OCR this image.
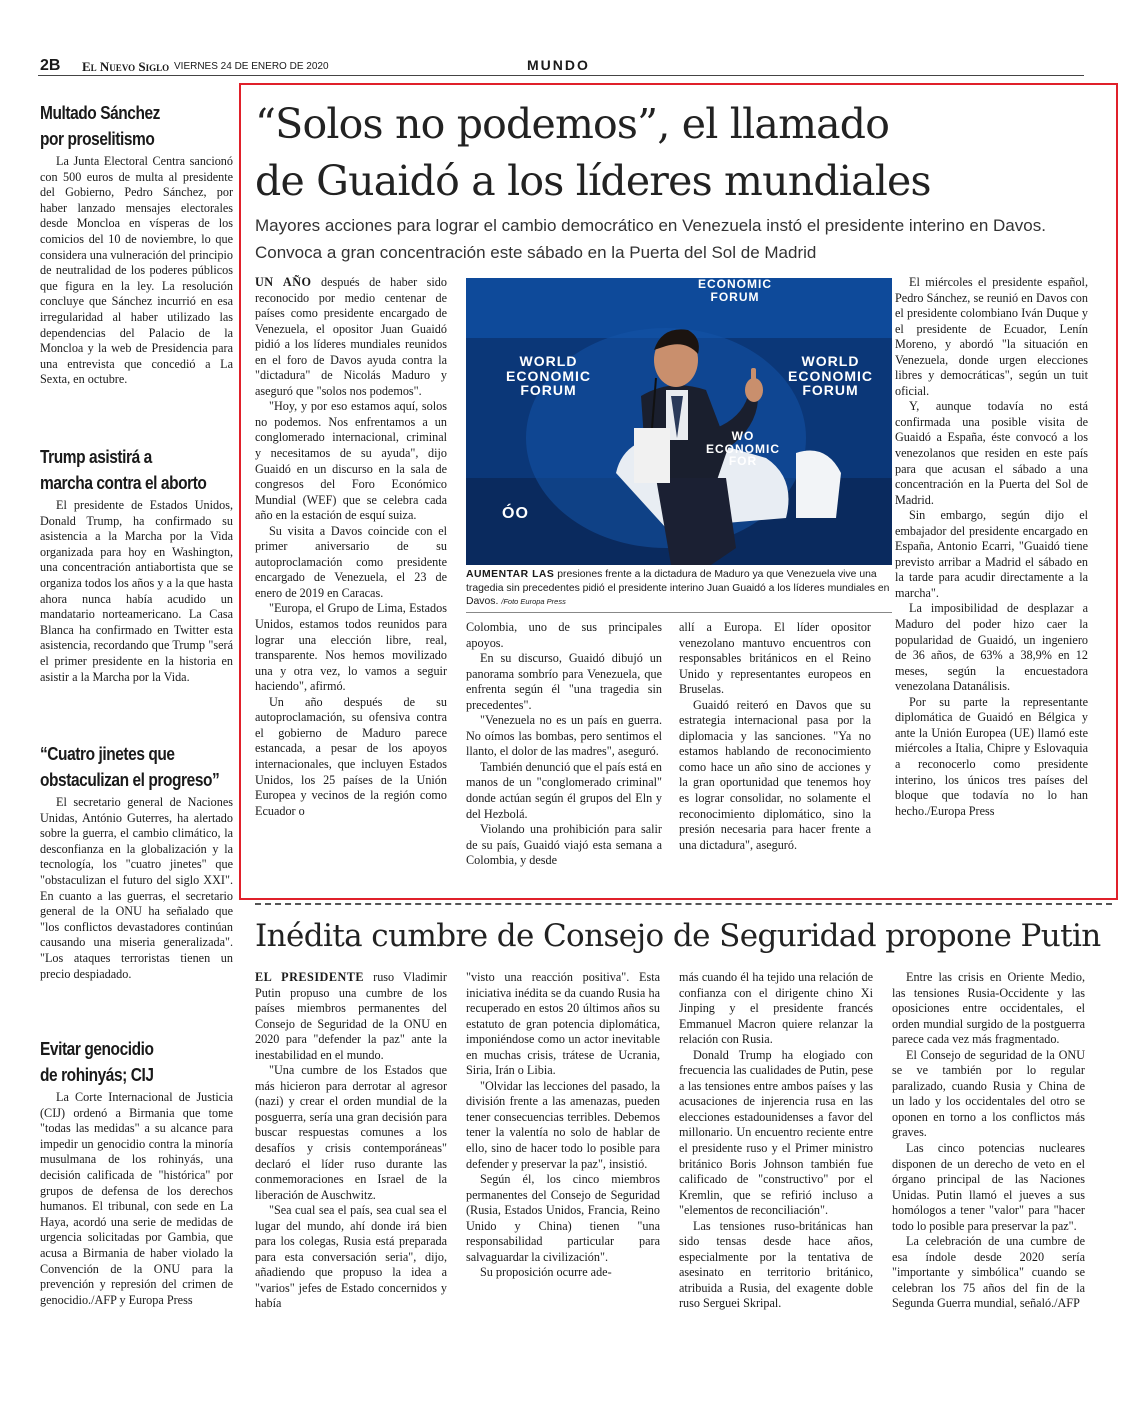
2B El Nuevo Siglo VIERNES 24 DE ENERO DE 2020	MUNDO
Multado Sánchez
por proselitismo

La Junta Electoral Centra sancionó con 500 euros de multa al presidente del Gobierno, Pedro Sánchez, por haber lanzado mensajes electorales desde Moncloa en vísperas de los comicios del 10 de noviembre, lo que considera una vulneración del principio de neutralidad de los poderes públicos que figura en la ley. La resolución concluye que Sánchez incurrió en esa irregularidad al haber utilizado las dependencias del Palacio de la Moncloa y la web de Presidencia para una entrevista que concedió a La Sexta, en octubre.

Trump asistirá a
marcha contra el aborto

El presidente de Estados Unidos, Donald Trump, ha confirmado su asistencia a la Marcha por la Vida organizada para hoy en Washington, una concentración antiabortista que se organiza todos los años y a la que hasta ahora nunca había acudido un mandatario norteamericano. La Casa Blanca ha confirmado en Twitter esta asistencia, recordando que Trump "será el primer presidente en la historia en asistir a la Marcha por la Vida.

“Cuatro jinetes que
obstaculizan el progreso”

El secretario general de Naciones Unidas, António Guterres, ha alertado sobre la guerra, el cambio climático, la desconfianza en la globalización y la tecnología, los "cuatro jinetes" que "obstaculizan el futuro del siglo XXI". En cuanto a las guerras, el secretario general de la ONU ha señalado que "los conflictos devastadores continúan causando una miseria generalizada". "Los ataques terroristas tienen un precio despiadado.

Evitar genocidio
de rohinyás; CIJ

La Corte Internacional de Justicia (CIJ) ordenó a Birmania que tome "todas las medidas" a su alcance para impedir un genocidio contra la minoría musulmana de los rohinyás, una decisión calificada de "histórica" por grupos de defensa de los derechos humanos. El tribunal, con sede en La Haya, acordó una serie de medidas de urgencia solicitadas por Gambia, que acusa a Birmania de haber violado la Convención de la ONU para la prevención y represión del crimen de genocidio./AFP y Europa Press

“Solos no podemos”, el llamado
de Guaidó a los líderes mundiales

Mayores acciones para lograr el cambio democrático en Venezuela instó el presidente interino en Davos. Convoca a gran concentración este sábado en la Puerta del Sol de Madrid

UN AÑO después de haber sido reconocido por medio centenar de países como presidente encargado de Venezuela, el opositor Juan Guaidó pidió a los líderes mundiales reunidos en el foro de Davos ayuda contra la "dictadura" de Nicolás Maduro y aseguró que "solos nos podemos".

"Hoy, y por eso estamos aquí, solos no podemos. Nos enfrentamos a un conglomerado internacional, criminal y necesitamos de su ayuda", dijo Guaidó en un discurso en la sala de congresos del Foro Económico Mundial (WEF) que se celebra cada año en la estación de esquí suiza.

Su visita a Davos coincide con el primer aniversario de su autoproclamación como presidente encargado de Venezuela, el 23 de enero de 2019 en Caracas.

"Europa, el Grupo de Lima, Estados Unidos, estamos todos reunidos para lograr una elección libre, real, transparente. Nos hemos movilizado una y otra vez, lo vamos a seguir haciendo", afirmó.

Un año después de su autoproclamación, su ofensiva contra el gobierno de Maduro parece estancada, a pesar de los apoyos internacionales, que incluyen Estados Unidos, los 25 países de la Unión Europea y vecinos de la región como Ecuador o

ECONOMIC
FORUM
WORLD
ECONOMIC
FORUM
WORLD
ECONOMIC
FORUM
WO
ECONOMIC
FOR
ÓΟ
AUMENTAR LAS presiones frente a la dictadura de Maduro ya que Venezuela vive una tragedia sin precedentes pidió el presidente interino Juan Guaidó a los líderes mundiales en Davos. /Foto Europa Press

Colombia, uno de sus principales apoyos.

En su discurso, Guaidó dibujó un panorama sombrío para Venezuela, que enfrenta según él "una tragedia sin precedentes".

"Venezuela no es un país en guerra. No oímos las bombas, pero sentimos el llanto, el dolor de las madres", aseguró.

También denunció que el país está en manos de un "conglomerado criminal" donde actúan según él grupos del Eln y del Hezbolá.

Violando una prohibición para salir de su país, Guaidó viajó esta semana a Colombia, y desde

allí a Europa. El líder opositor venezolano mantuvo encuentros con responsables británicos en el Reino Unido y representantes europeos en Bruselas.

Guaidó reiteró en Davos que su estrategia internacional pasa por la diplomacia y las sanciones. "Ya no estamos hablando de reconocimiento como hace un año sino de acciones y la gran oportunidad que tenemos hoy es lograr consolidar, no solamente el reconocimiento diplomático, sino la presión necesaria para hacer frente a una dictadura", aseguró.

El miércoles el presidente español, Pedro Sánchez, se reunió en Davos con el presidente colombiano Iván Duque y el presidente de Ecuador, Lenín Moreno, y abordó "la situación en Venezuela, donde urgen elecciones libres y democráticas", según un tuit oficial.

Y, aunque todavía no está confirmada una posible visita de Guaidó a España, éste convocó a los venezolanos que residen en este país para que acusan el sábado a una concentración en la Puerta del Sol de Madrid.

Sin embargo, según dijo el embajador del presidente encargado en España, Antonio Ecarri, "Guaidó tiene previsto arribar a Madrid el sábado en la tarde para acudir directamente a la marcha".

La imposibilidad de desplazar a Maduro del poder hizo caer la popularidad de Guaidó, un ingeniero de 36 años, de 63% a 38,9% en 12 meses, según la encuestadora venezolana Datanálisis.

Por su parte la representante diplomática de Guaidó en Bélgica y ante la Unión Europea (UE) llamó este miércoles a Italia, Chipre y Eslovaquia a reconocerlo como presidente interino, los únicos tres países del bloque que todavía no lo han hecho./Europa Press

Inédita cumbre de Consejo de Seguridad propone Putin

EL PRESIDENTE ruso Vladimir Putin propuso una cumbre de los países miembros permanentes del Consejo de Seguridad de la ONU en 2020 para "defender la paz" ante la inestabilidad en el mundo.

"Una cumbre de los Estados que más hicieron para derrotar al agresor (nazi) y crear el orden mundial de la posguerra, sería una gran decisión para buscar respuestas comunes a los desafíos y crisis contemporáneas" declaró el líder ruso durante las conmemoraciones en Israel de la liberación de Auschwitz.

"Sea cual sea el país, sea cual sea el lugar del mundo, ahí donde irá bien para los colegas, Rusia está preparada para esta conversación seria", dijo, añadiendo que propuso la idea a "varios" jefes de Estado concernidos y había

"visto una reacción positiva". Esta iniciativa inédita se da cuando Rusia ha recuperado en estos 20 últimos años su estatuto de gran potencia diplomática, imponiéndose como un actor inevitable en muchas crisis, trátese de Ucrania, Siria, Irán o Libia.

"Olvidar las lecciones del pasado, la división frente a las amenazas, pueden tener consecuencias terribles. Debemos tener la valentía no solo de hablar de ello, sino de hacer todo lo posible para defender y preservar la paz", insistió.

Según él, los cinco miembros permanentes del Consejo de Seguridad (Rusia, Estados Unidos, Francia, Reino Unido y China) tienen "una responsabilidad particular para salvaguardar la civilización".

Su proposición ocurre ade-

más cuando él ha tejido una relación de confianza con el dirigente chino Xi Jinping y el presidente francés Emmanuel Macron quiere relanzar la relación con Rusia.

Donald Trump ha elogiado con frecuencia las cualidades de Putin, pese a las tensiones entre ambos países y las acusaciones de injerencia rusa en las elecciones estadounidenses a favor del millonario. Un encuentro reciente entre el presidente ruso y el Primer ministro británico Boris Johnson también fue calificado de "constructivo" por el Kremlin, que se refirió incluso a "elementos de reconciliación".

Las tensiones ruso-británicas han sido tensas desde hace años, especialmente por la tentativa de asesinato en territorio británico, atribuida a Rusia, del exagente doble ruso Serguei Skripal.

Entre las crisis en Oriente Medio, las tensiones Rusia-Occidente y las oposiciones entre occidentales, el orden mundial surgido de la postguerra parece cada vez más fragmentado.

El Consejo de seguridad de la ONU se ve también por lo regular paralizado, cuando Rusia y China de un lado y los occidentales del otro se oponen en torno a los conflictos más graves.

Las cinco potencias nucleares disponen de un derecho de veto en el órgano principal de las Naciones Unidas. Putin llamó el jueves a sus homólogos a tener "valor" para "hacer todo lo posible para preservar la paz".

La celebración de una cumbre de esa índole desde 2020 sería "importante y simbólica" cuando se celebran los 75 años del fin de la Segunda Guerra mundial, señaló./AFP
